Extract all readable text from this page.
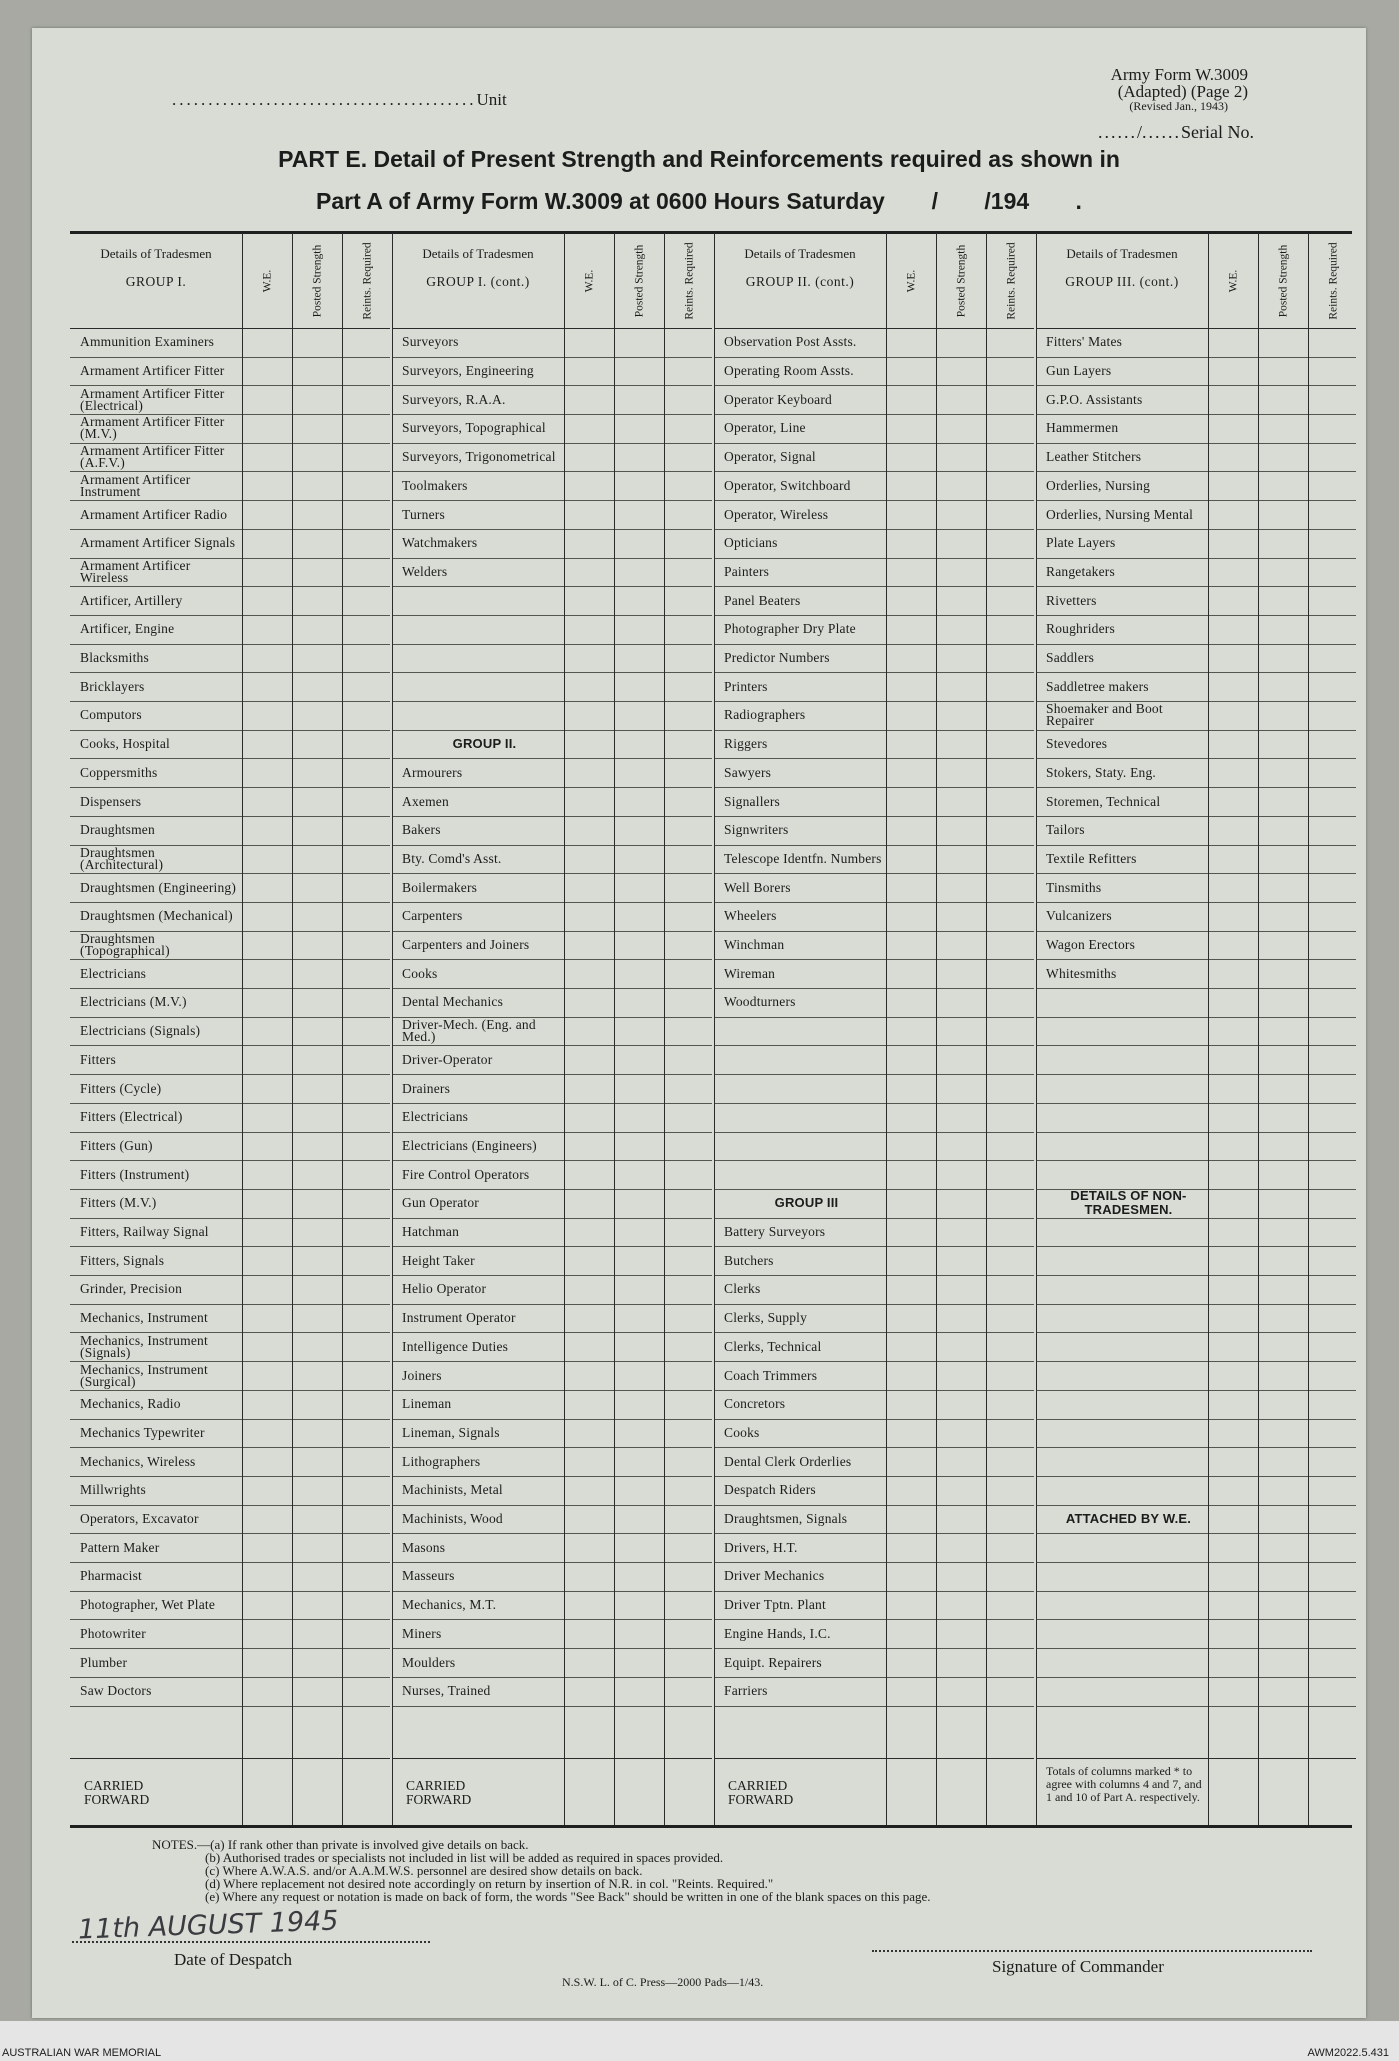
Army Form W.3009
(Adapted) (Page 2)
(Revised Jan., 1943)
..........................................Unit
....../......Serial No.
PART E. Detail of Present Strength and Reinforcements required as shown in
Part A of Army Form W.3009 at 0600 Hours Saturday / /194 .
Details of Tradesmen
GROUP I.	W.E.	Posted Strength	Reints. Required
Ammunition Examiners
Armament Artificer Fitter
Armament Artificer Fitter (Electrical)
Armament Artificer Fitter (M.V.)
Armament Artificer Fitter (A.F.V.)
Armament Artificer Instrument
Armament Artificer Radio
Armament Artificer Signals
Armament Artificer Wireless
Artificer, Artillery
Artificer, Engine
Blacksmiths
Bricklayers
Computors
Cooks, Hospital
Coppersmiths
Dispensers
Draughtsmen
Draughtsmen (Architectural)
Draughtsmen (Engineering)
Draughtsmen (Mechanical)
Draughtsmen (Topographical)
Electricians
Electricians (M.V.)
Electricians (Signals)
Fitters
Fitters (Cycle)
Fitters (Electrical)
Fitters (Gun)
Fitters (Instrument)
Fitters (M.V.)
Fitters, Railway Signal
Fitters, Signals
Grinder, Precision
Mechanics, Instrument
Mechanics, Instrument (Signals)
Mechanics, Instrument (Surgical)
Mechanics, Radio
Mechanics Typewriter
Mechanics, Wireless
Millwrights
Operators, Excavator
Pattern Maker
Pharmacist
Photographer, Wet Plate
Photowriter
Plumber
Saw Doctors
CARRIED FORWARD
Details of Tradesmen
GROUP I. (cont.)	W.E.	Posted Strength	Reints. Required
Surveyors
Surveyors, Engineering
Surveyors, R.A.A.
Surveyors, Topographical
Surveyors, Trigonometrical
Toolmakers
Turners
Watchmakers
Welders
GROUP II.
Armourers
Axemen
Bakers
Bty. Comd's Asst.
Boilermakers
Carpenters
Carpenters and Joiners
Cooks
Dental Mechanics
Driver-Mech. (Eng. and Med.)
Driver-Operator
Drainers
Electricians
Electricians (Engineers)
Fire Control Operators
Gun Operator
Hatchman
Height Taker
Helio Operator
Instrument Operator
Intelligence Duties
Joiners
Lineman
Lineman, Signals
Lithographers
Machinists, Metal
Machinists, Wood
Masons
Masseurs
Mechanics, M.T.
Miners
Moulders
Nurses, Trained
CARRIED FORWARD
Details of Tradesmen
GROUP II. (cont.)	W.E.	Posted Strength	Reints. Required
Observation Post Assts.
Operating Room Assts.
Operator Keyboard
Operator, Line
Operator, Signal
Operator, Switchboard
Operator, Wireless
Opticians
Painters
Panel Beaters
Photographer Dry Plate
Predictor Numbers
Printers
Radiographers
Riggers
Sawyers
Signallers
Signwriters
Telescope Identfn. Numbers
Well Borers
Wheelers
Winchman
Wireman
Woodturners
GROUP III
Battery Surveyors
Butchers
Clerks
Clerks, Supply
Clerks, Technical
Coach Trimmers
Concretors
Cooks
Dental Clerk Orderlies
Despatch Riders
Draughtsmen, Signals
Drivers, H.T.
Driver Mechanics
Driver Tptn. Plant
Engine Hands, I.C.
Equipt. Repairers
Farriers
CARRIED FORWARD
Details of Tradesmen
GROUP III. (cont.)	W.E.	Posted Strength	Reints. Required
Fitters' Mates
Gun Layers
G.P.O. Assistants
Hammermen
Leather Stitchers
Orderlies, Nursing
Orderlies, Nursing Mental
Plate Layers
Rangetakers
Rivetters
Roughriders
Saddlers
Saddletree makers
Shoemaker and Boot Repairer
Stevedores
Stokers, Staty. Eng.
Storemen, Technical
Tailors
Textile Refitters
Tinsmiths
Vulcanizers
Wagon Erectors
Whitesmiths
DETAILS OF NON-TRADESMEN.
ATTACHED BY W.E.
Totals of columns marked * to agree with columns 4 and 7, and 1 and 10 of Part A. respectively.
NOTES.—(a) If rank other than private is involved give details on back.
(b) Authorised trades or specialists not included in list will be added as required in spaces provided.
(c) Where A.W.A.S. and/or A.A.M.W.S. personnel are desired show details on back.
(d) Where replacement not desired note accordingly on return by insertion of N.R. in col. "Reints. Required."
(e) Where any request or notation is made on back of form, the words "See Back" should be written in one of the blank spaces on this page.
11th AUGUST 1945
Date of Despatch	Signature of Commander
N.S.W. L. of C. Press—2000 Pads—1/43.
AUSTRALIAN WAR MEMORIAL	AWM2022.5.431
